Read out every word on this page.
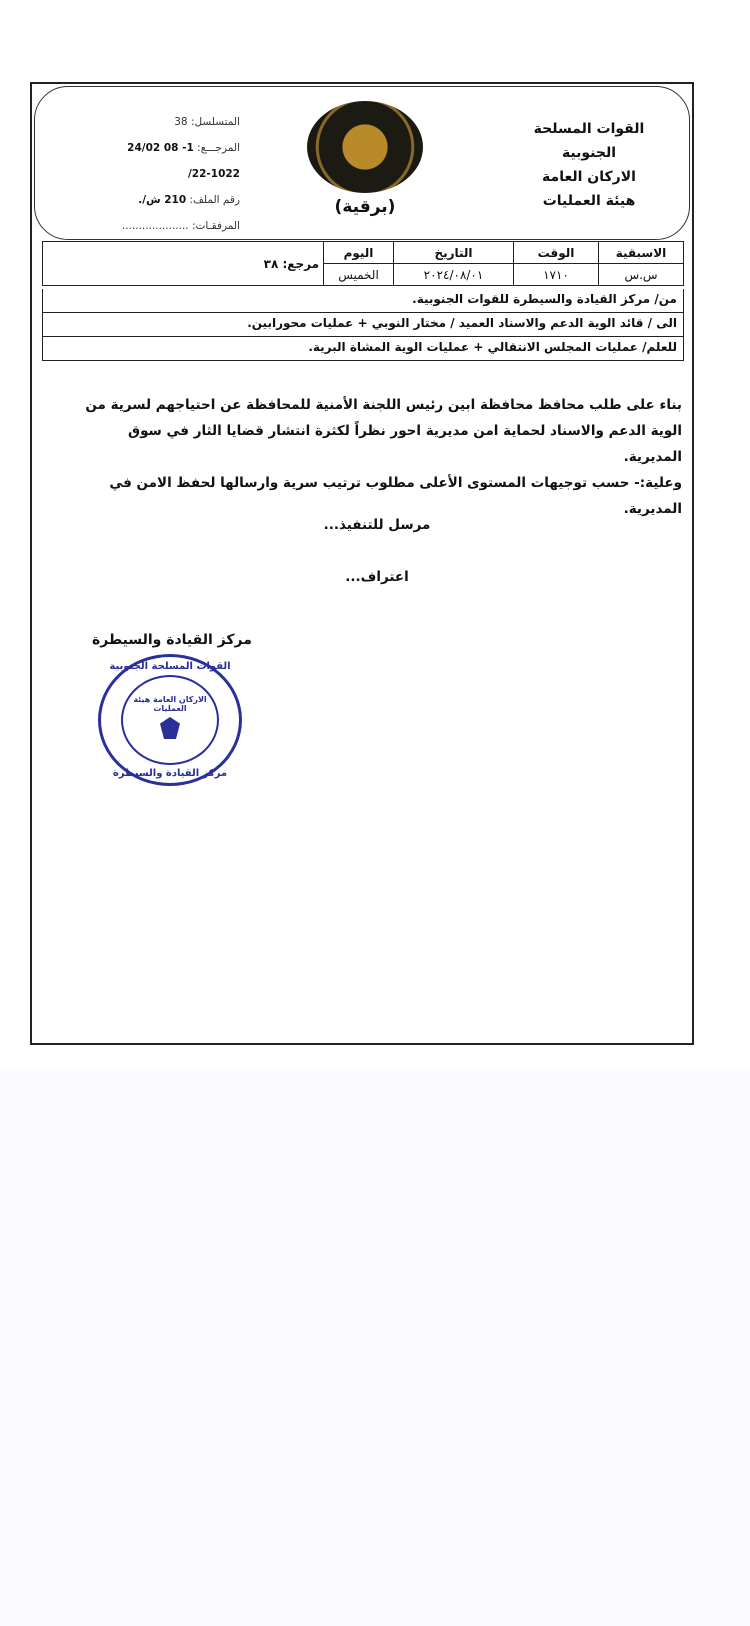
القوات المسلحة الجنوبية
الاركان العامة
هيئة العمليات
(برقية)
المتسلسل: 38
المرجـــع: 1- 08 24/02
22-1022/
رقم الملف: 210 ش/.
المرفقـات: ....................
الاسبقية	الوقت	التاريخ	اليوم	مرجع: ٣٨
س.س	١٧١٠	٢٠٢٤/٠٨/٠١	الخميس	
من/ مركز القيادة والسيطرة للقوات الجنوبية.
الى / قائد الوية الدعم والاسناد العميد / مختار النوبي + عمليات محورابين.
للعلم/ عمليات المجلس الانتقالي + عمليات الوية المشاة البرية.
بناء على طلب محافظ محافظة ابين رئيس اللجنة الأمنية للمحافظة عن احتياجهم لسرية من الوية الدعم والاسناد لحماية امن مديرية احور نظراً لكثرة انتشار قضايا الثار في سوق المديرية.
وعلية:- حسب توجيهات المستوى الأعلى مطلوب ترتيب سرية وارسالها لحفظ الامن في المديرية.
مرسل للتنفيذ...
اعتراف...
مركز القيادة والسيطرة
القوات المسلحة الجنوبية
الاركان العامة هيئة العمليات
مركز القيادة والسيطرة
